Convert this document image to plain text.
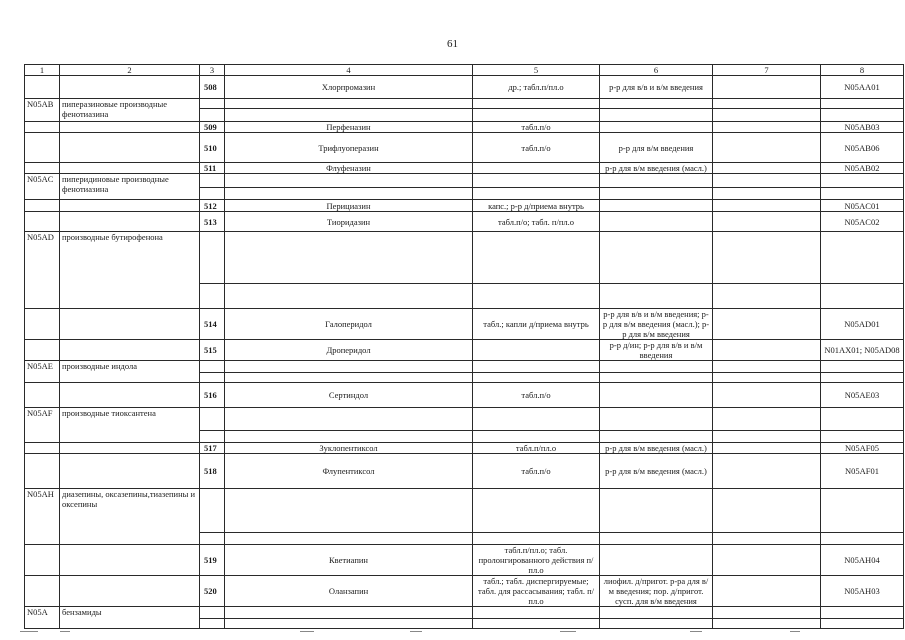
61
1	2	3	4	5	6	7	8
		508	Хлорпромазин	др.; табл.п/пл.о	р-р для в/в и в/м введения		N05AA01
N05AB	пиперазиновые производные фенотиазина						

		509	Перфеназин	табл.п/о			N05AB03
		510	Трифлуоперазин	табл.п/о	р-р для в/м введения		N05AB06
		511	Флуфеназин		р-р для в/м введения (масл.)		N05AB02
N05AC	пиперидиновые производные фенотиазина						

		512	Перициазин	капс.; р-р д/приема внутрь			N05AC01
		513	Тиоридазин	табл.п/о; табл. п/пл.о			N05AC02
N05AD	производные бутирофенона						

		514	Галоперидол	табл.; капли д/приема внутрь	р-р для в/в и в/м введения; р-р для в/м введения (масл.); р-р для в/м введения		N05AD01
		515	Дроперидол		р-р д/ин; р-р для в/в и в/м введения		N01AX01; N05AD08
N05AE	производные индола						

		516	Сертиндол	табл.п/о			N05AE03
N05AF	производные тиоксантена						

		517	Зуклопентиксол	табл.п/пл.о	р-р для в/м введения (масл.)		N05AF05
		518	Флупентиксол	табл.п/о	р-р для в/м введения (масл.)		N05AF01
N05AH	диазепины, оксазепины,тиазепины и оксепины						

		519	Кветиапин	табл.п/пл.о; табл. пролонгированного действия п/пл.о			N05AH04
		520	Оланзапин	табл.; табл. диспергируемые; табл. для рассасывания; табл. п/пл.о	лиофил. д/пригот. р-ра для в/м введения; пор. д/пригот. сусп. для в/м введения		N05AH03
N05A	бензамиды						
